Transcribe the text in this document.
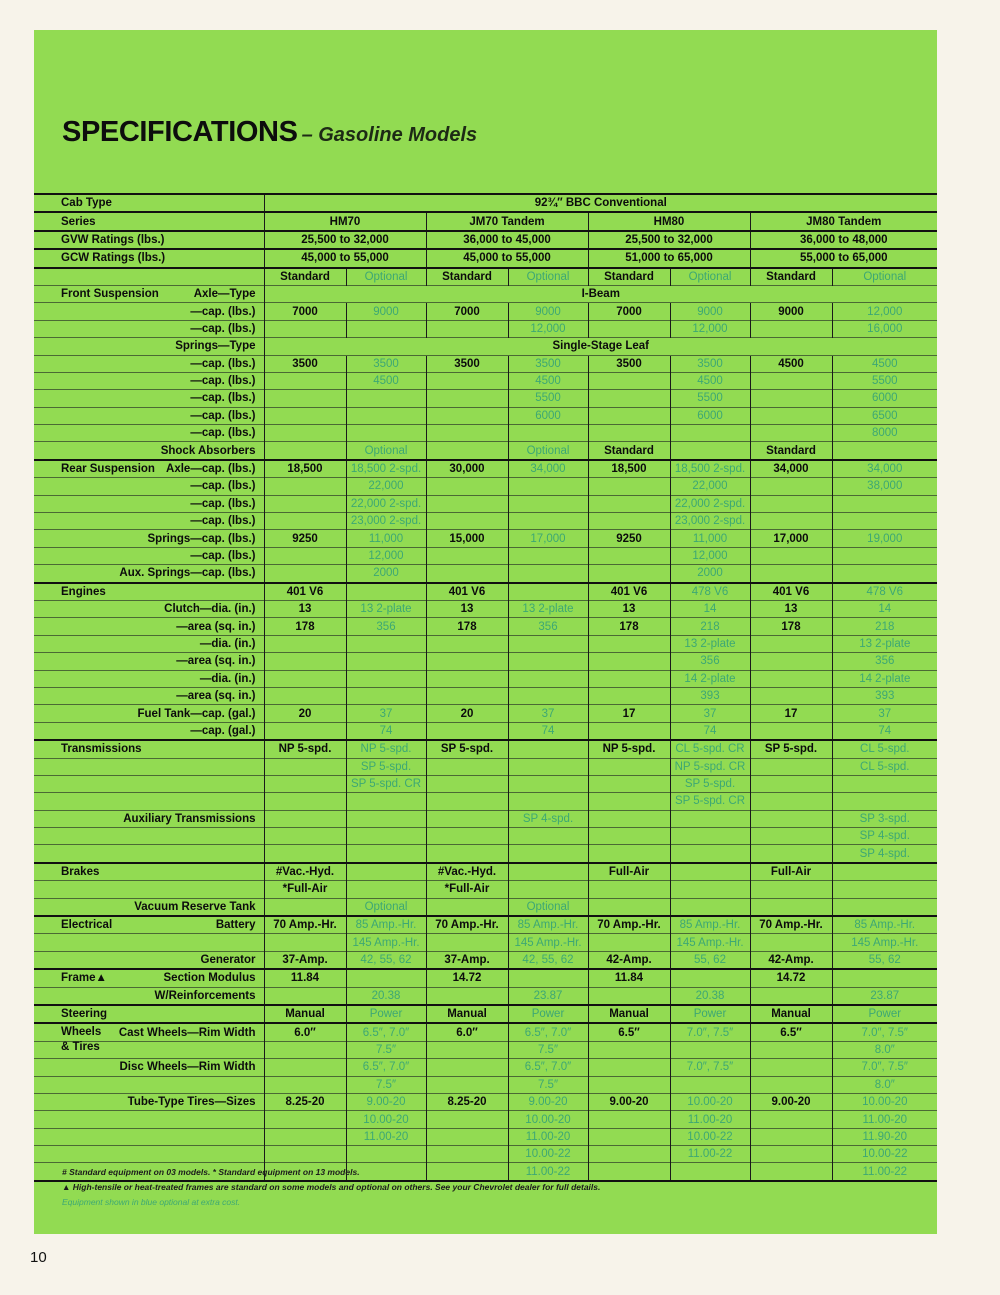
SPECIFICATIONS – Gasoline Models
Cab Type	92¾″ BBC Conventional							
Series	HM70		JM70 Tandem		HM80		JM80 Tandem	
GVW Ratings (lbs.)	25,500 to 32,000		36,000 to 45,000		25,500 to 32,000		36,000 to 48,000	
GCW Ratings (lbs.)	45,000 to 55,000		45,000 to 55,000		51,000 to 65,000		55,000 to 65,000	
	Standard	Optional	Standard	Optional	Standard	Optional	Standard	Optional

Front Suspension Axle—Type	I-Beam							
—cap. (lbs.)	7000	9000	7000	9000	7000	9000	9000	12,000
—cap. (lbs.)				12,000		12,000		16,000
Springs—Type	Single-Stage Leaf							
—cap. (lbs.)	3500	3500	3500	3500	3500	3500	4500	4500
—cap. (lbs.)		4500		4500		4500		5500
—cap. (lbs.)				5500		5500		6000
—cap. (lbs.)				6000		6000		6500
—cap. (lbs.)								8000
Shock Absorbers		Optional		Optional	Standard		Standard	

Rear Suspension Axle—cap. (lbs.)	18,500	18,500 2-spd.	30,000	34,000	18,500	18,500 2-spd.	34,000	34,000
—cap. (lbs.)		22,000				22,000		38,000
—cap. (lbs.)		22,000 2-spd.				22,000 2-spd.		
—cap. (lbs.)		23,000 2-spd.				23,000 2-spd.		
Springs—cap. (lbs.)	9250	11,000	15,000	17,000	9250	11,000	17,000	19,000
—cap. (lbs.)		12,000				12,000		
Aux. Springs—cap. (lbs.)		2000				2000		

Engines	401 V6		401 V6		401 V6	478 V6	401 V6	478 V6
Clutch—dia. (in.)	13	13 2-plate	13	13 2-plate	13	14	13	14
—area (sq. in.)	178	356	178	356	178	218	178	218
—dia. (in.)						13 2-plate		13 2-plate
—area (sq. in.)						356		356
—dia. (in.)						14 2-plate		14 2-plate
—area (sq. in.)						393		393
Fuel Tank—cap. (gal.)	20	37	20	37	17	37	17	37
—cap. (gal.)		74		74		74		74

Transmissions	NP 5-spd.	NP 5-spd.	SP 5-spd.		NP 5-spd.	CL 5-spd. CR	SP 5-spd.	CL 5-spd.
		SP 5-spd.				NP 5-spd. CR		CL 5-spd.
		SP 5-spd. CR				SP 5-spd.		
						SP 5-spd. CR		
Auxiliary Transmissions				SP 4-spd.				SP 3-spd.
								SP 4-spd.
								SP 4-spd.

Brakes	#Vac.-Hyd.		#Vac.-Hyd.		Full-Air		Full-Air	
	*Full-Air		*Full-Air					
Vacuum Reserve Tank		Optional		Optional				

Electrical Battery	70 Amp.-Hr.	85 Amp.-Hr.	70 Amp.-Hr.	85 Amp.-Hr.	70 Amp.-Hr.	85 Amp.-Hr.	70 Amp.-Hr.	85 Amp.-Hr.
		145 Amp.-Hr.		145 Amp.-Hr.		145 Amp.-Hr.		145 Amp.-Hr.
Generator	37-Amp.	42, 55, 62	37-Amp.	42, 55, 62	42-Amp.	55, 62	42-Amp.	55, 62

Frame▲ Section Modulus	11.84		14.72		11.84		14.72	
W/Reinforcements		20.38		23.87		20.38		23.87

Steering	Manual	Power	Manual	Power	Manual	Power	Manual	Power

Wheels
& Tires
Cast Wheels—Rim Width	6.0″	6.5″, 7.0″	6.0″	6.5″, 7.0″	6.5″	7.0″, 7.5″	6.5″	7.0″, 7.5″
		7.5″		7.5″				8.0″
Disc Wheels—Rim Width		6.5″, 7.0″		6.5″, 7.0″		7.0″, 7.5″		7.0″, 7.5″
		7.5″		7.5″				8.0″
Tube-Type Tires—Sizes	8.25-20	9.00-20	8.25-20	9.00-20	9.00-20	10.00-20	9.00-20	10.00-20
		10.00-20		10.00-20		11.00-20		11.00-20
		11.00-20		11.00-20		10.00-22		11.90-20
				10.00-22		11.00-22		10.00-22
				11.00-22				11.00-22
# Standard equipment on 03 models. * Standard equipment on 13 models.
▲ High-tensile or heat-treated frames are standard on some models and optional on others. See your Chevrolet dealer for full details.
Equipment shown in blue optional at extra cost.
10
